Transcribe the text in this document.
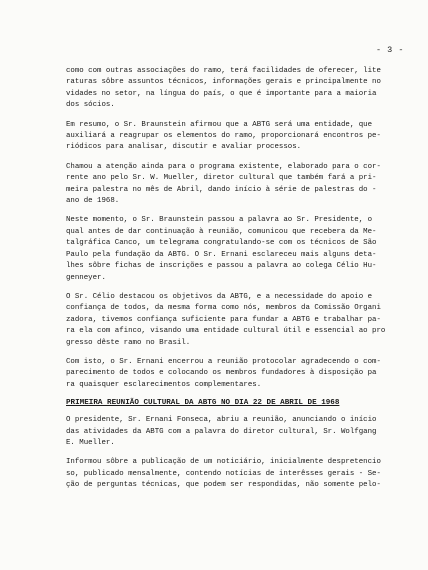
- 3 -
como com outras associações do ramo, terá facilidades de oferecer, lite
raturas sôbre assuntos técnicos, informações gerais e principalmente no
vidades no setor, na língua do país, o que é importante para a maioria
dos sócios.
Em resumo, o Sr. Braunstein afirmou que a ABTG será uma entidade, que
auxiliará a reagrupar os elementos do ramo, proporcionará encontros pe-
riódicos para analisar, discutir e avaliar processos.
Chamou a atenção ainda para o programa existente, elaborado para o cor-
rente ano pelo Sr. W. Mueller, diretor cultural que também fará a pri-
meira palestra no mês de Abril, dando início à série de palestras do -
ano de 1968.
Neste momento, o Sr. Braunstein passou a palavra ao Sr. Presidente, o
qual antes de dar continuação à reunião, comunicou que recebera da Me-
talgráfica Canco, um telegrama congratulando-se com os técnicos de São
Paulo pela fundação da ABTG. O Sr. Ernani esclareceu mais alguns deta-
lhes sôbre fichas de inscrições e passou a palavra ao colega Célio Hu-
genneyer.
O Sr. Célio destacou os objetivos da ABTG, e a necessidade do apoio e
confiança de todos, da mesma forma como nós, membros da Comissão Organi
zadora, tivemos confiança suficiente para fundar a ABTG e trabalhar pa-
ra ela com afinco, visando uma entidade cultural útil e essencial ao pro
gresso dêste ramo no Brasil.
Com isto, o Sr. Ernani encerrou a reunião protocolar agradecendo o com-
parecimento de todos e colocando os membros fundadores à disposição pa
ra quaisquer esclarecimentos complementares.
PRIMEIRA REUNIÃO CULTURAL DA ABTG NO DIA 22 DE ABRIL DE 1968
O presidente, Sr. Ernani Fonseca, abriu a reunião, anunciando o início
das atividades da ABTG com a palavra do diretor cultural, Sr. Wolfgang
E. Mueller.
Informou sôbre a publicação de um noticiário, inicialmente despretencio
so, publicado mensalmente, contendo notícias de interêsses gerais - Se-
ção de perguntas técnicas, que podem ser respondidas, não somente pelo-
